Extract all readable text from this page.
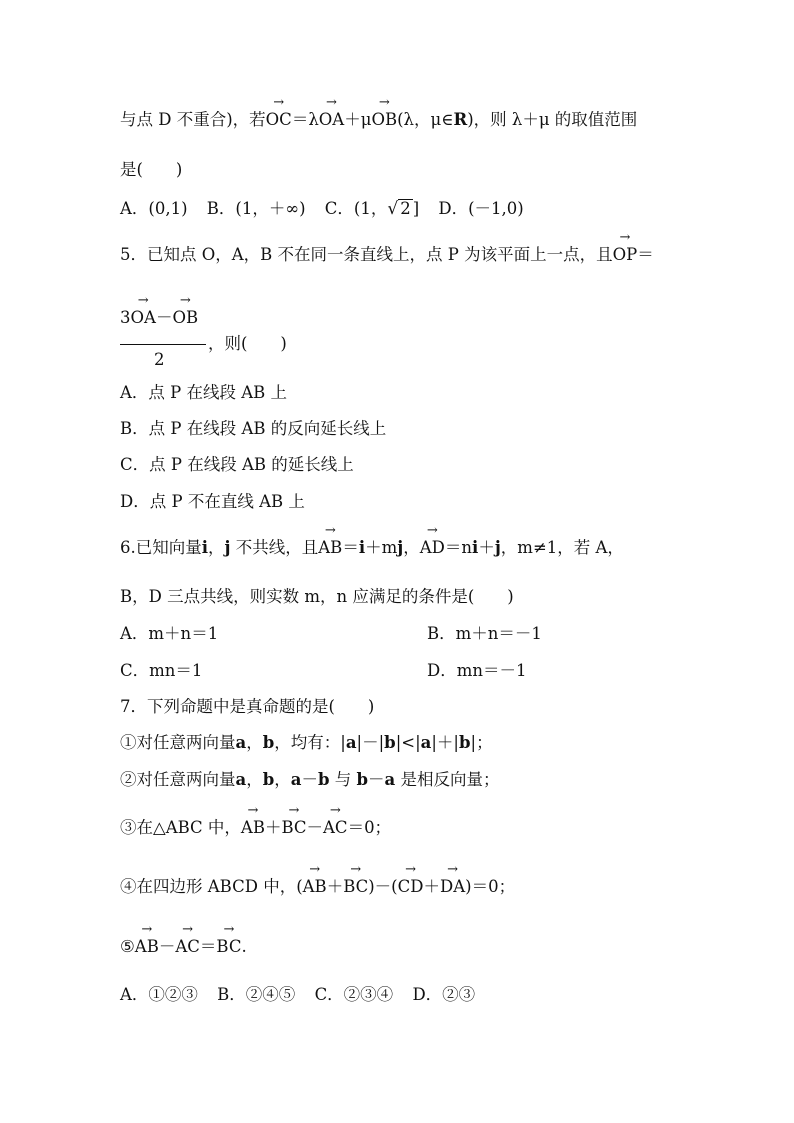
与点 D 不重合)，若→ OC＝λ→ OA＋μ→ OB(λ，μ∈R)，则 λ＋μ 的取值范围
是(　　)
A．(0,1) B．(1，＋∞) C．(1，√ 2 ] D．(－1,0)
5．已知点 O，A，B 不在同一条直线上，点 P 为该平面上一点，且→ OP＝
3→ OA－→ OB
，则(　　)
2
A．点 P 在线段 AB 上
B．点 P 在线段 AB 的反向延长线上
C．点 P 在线段 AB 的延长线上
D．点 P 不在直线 AB 上
6.已知向量i，j 不共线，且→ AB＝i＋mj，→ AD＝ni＋j，m≠1，若 A，
B，D 三点共线，则实数 m，n 应满足的条件是(　　)
A．m＋n＝1	B．m＋n＝－1
C．mn＝1	D．mn＝－1
7．下列命题中是真命题的是(　　)
①对任意两向量a，b，均有：|a|－|b|<|a|＋|b|；
②对任意两向量a，b，a－b 与 b－a 是相反向量；
③在△ABC 中，→ AB＋→ BC－→ AC＝0；
④在四边形 ABCD 中，(→ AB＋→ BC)－(→ CD＋→ DA)＝0；
⑤→ AB－→ AC＝→ BC.
A．①②③ B．②④⑤ C．②③④ D．②③
